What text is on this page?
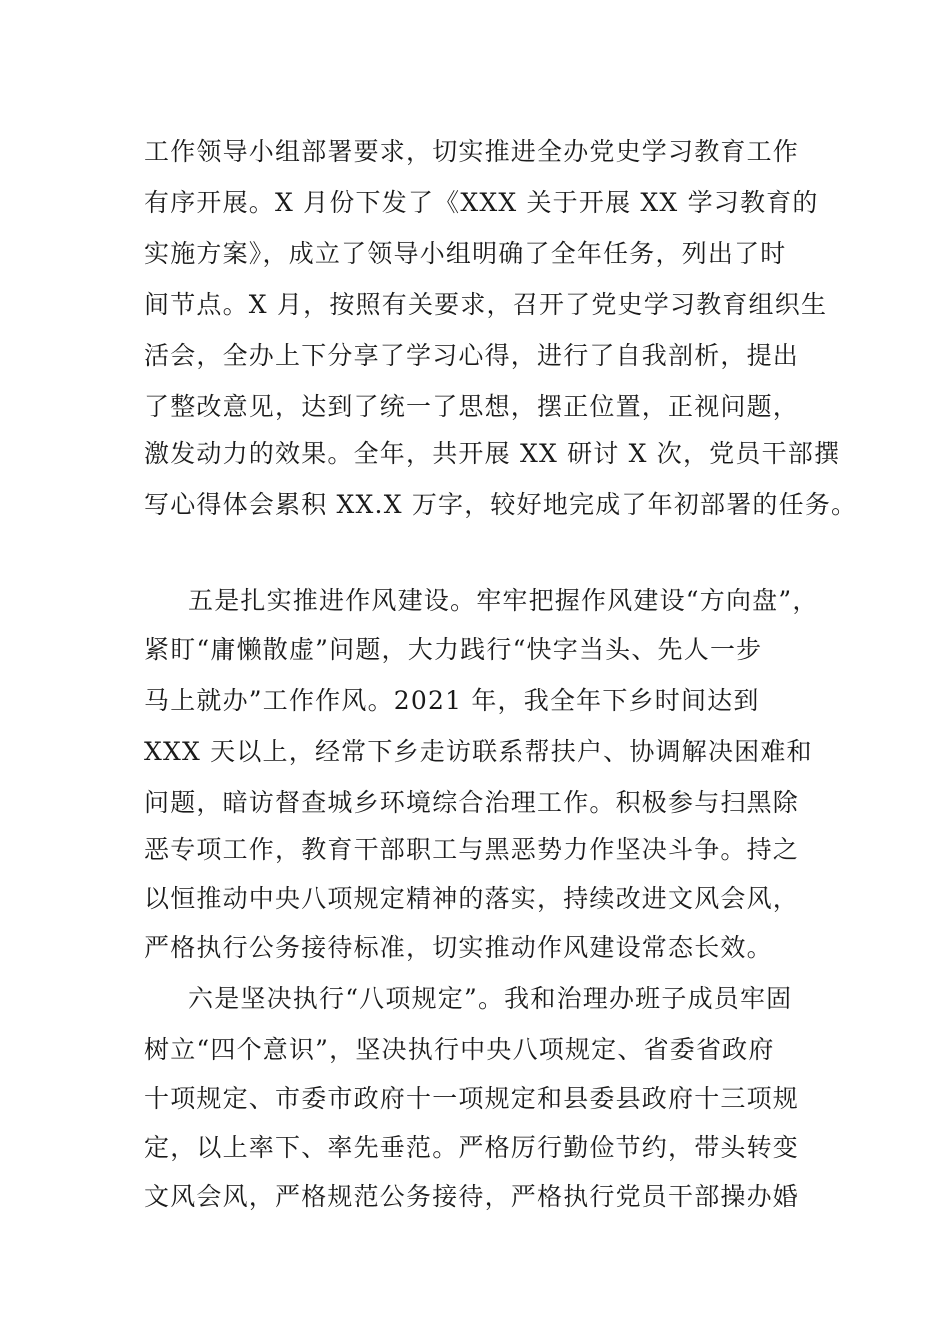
工作领导小组部署要求，切实推进全办党史学习教育工作
有序开展。X 月份下发了《XXX 关于开展 XX 学习教育的
实施方案》，成立了领导小组明确了全年任务，列出了时
间节点。X 月，按照有关要求，召开了党史学习教育组织生
活会，全办上下分享了学习心得，进行了自我剖析，提出
了整改意见，达到了统一了思想，摆正位置，正视问题，
激发动力的效果。全年，共开展 XX 研讨 X 次，党员干部撰
写心得体会累积 XX.X 万字，较好地完成了年初部署的任务。
五是扎实推进作风建设。牢牢把握作风建设“方向盘”，
紧盯“庸懒散虚”问题，大力践行“快字当头、先人一步
马上就办”工作作风。2021 年，我全年下乡时间达到
XXX 天以上，经常下乡走访联系帮扶户、协调解决困难和
问题，暗访督查城乡环境综合治理工作。积极参与扫黑除
恶专项工作，教育干部职工与黑恶势力作坚决斗争。持之
以恒推动中央八项规定精神的落实，持续改进文风会风，
严格执行公务接待标准，切实推动作风建设常态长效。
六是坚决执行“八项规定”。我和治理办班子成员牢固
树立“四个意识”，坚决执行中央八项规定、省委省政府
十项规定、市委市政府十一项规定和县委县政府十三项规
定，以上率下、率先垂范。严格厉行勤俭节约，带头转变
文风会风，严格规范公务接待，严格执行党员干部操办婚
